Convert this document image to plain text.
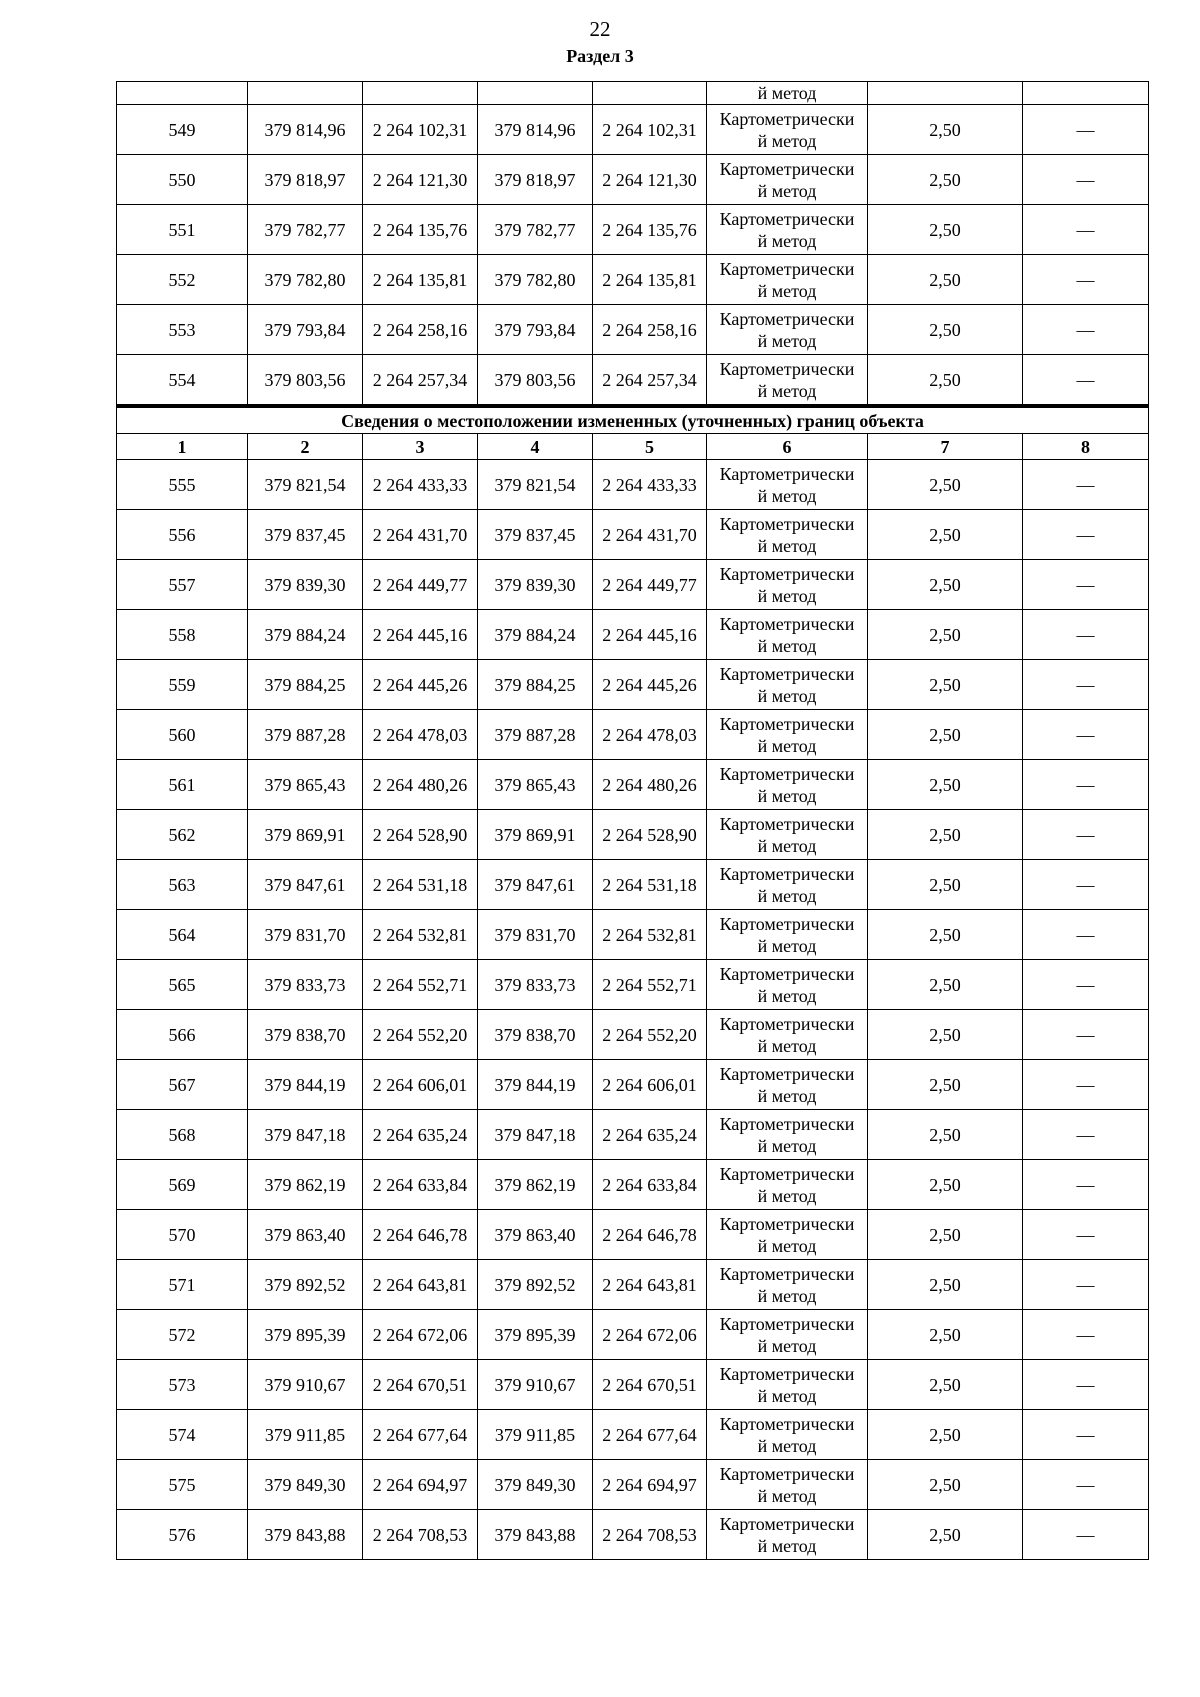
22
Раздел 3
					й метод		
549	379 814,96	2 264 102,31	379 814,96	2 264 102,31	Картометрически
й метод	2,50	—
550	379 818,97	2 264 121,30	379 818,97	2 264 121,30	Картометрически
й метод	2,50	—
551	379 782,77	2 264 135,76	379 782,77	2 264 135,76	Картометрически
й метод	2,50	—
552	379 782,80	2 264 135,81	379 782,80	2 264 135,81	Картометрически
й метод	2,50	—
553	379 793,84	2 264 258,16	379 793,84	2 264 258,16	Картометрически
й метод	2,50	—
554	379 803,56	2 264 257,34	379 803,56	2 264 257,34	Картометрически
й метод	2,50	—
Сведения о местоположении измененных (уточненных) границ объекта							
1	2	3	4	5	6	7	8
555	379 821,54	2 264 433,33	379 821,54	2 264 433,33	Картометрически
й метод	2,50	—
556	379 837,45	2 264 431,70	379 837,45	2 264 431,70	Картометрически
й метод	2,50	—
557	379 839,30	2 264 449,77	379 839,30	2 264 449,77	Картометрически
й метод	2,50	—
558	379 884,24	2 264 445,16	379 884,24	2 264 445,16	Картометрически
й метод	2,50	—
559	379 884,25	2 264 445,26	379 884,25	2 264 445,26	Картометрически
й метод	2,50	—
560	379 887,28	2 264 478,03	379 887,28	2 264 478,03	Картометрически
й метод	2,50	—
561	379 865,43	2 264 480,26	379 865,43	2 264 480,26	Картометрически
й метод	2,50	—
562	379 869,91	2 264 528,90	379 869,91	2 264 528,90	Картометрически
й метод	2,50	—
563	379 847,61	2 264 531,18	379 847,61	2 264 531,18	Картометрически
й метод	2,50	—
564	379 831,70	2 264 532,81	379 831,70	2 264 532,81	Картометрически
й метод	2,50	—
565	379 833,73	2 264 552,71	379 833,73	2 264 552,71	Картометрически
й метод	2,50	—
566	379 838,70	2 264 552,20	379 838,70	2 264 552,20	Картометрически
й метод	2,50	—
567	379 844,19	2 264 606,01	379 844,19	2 264 606,01	Картометрически
й метод	2,50	—
568	379 847,18	2 264 635,24	379 847,18	2 264 635,24	Картометрически
й метод	2,50	—
569	379 862,19	2 264 633,84	379 862,19	2 264 633,84	Картометрически
й метод	2,50	—
570	379 863,40	2 264 646,78	379 863,40	2 264 646,78	Картометрически
й метод	2,50	—
571	379 892,52	2 264 643,81	379 892,52	2 264 643,81	Картометрически
й метод	2,50	—
572	379 895,39	2 264 672,06	379 895,39	2 264 672,06	Картометрически
й метод	2,50	—
573	379 910,67	2 264 670,51	379 910,67	2 264 670,51	Картометрически
й метод	2,50	—
574	379 911,85	2 264 677,64	379 911,85	2 264 677,64	Картометрически
й метод	2,50	—
575	379 849,30	2 264 694,97	379 849,30	2 264 694,97	Картометрически
й метод	2,50	—
576	379 843,88	2 264 708,53	379 843,88	2 264 708,53	Картометрически
й метод	2,50	—
